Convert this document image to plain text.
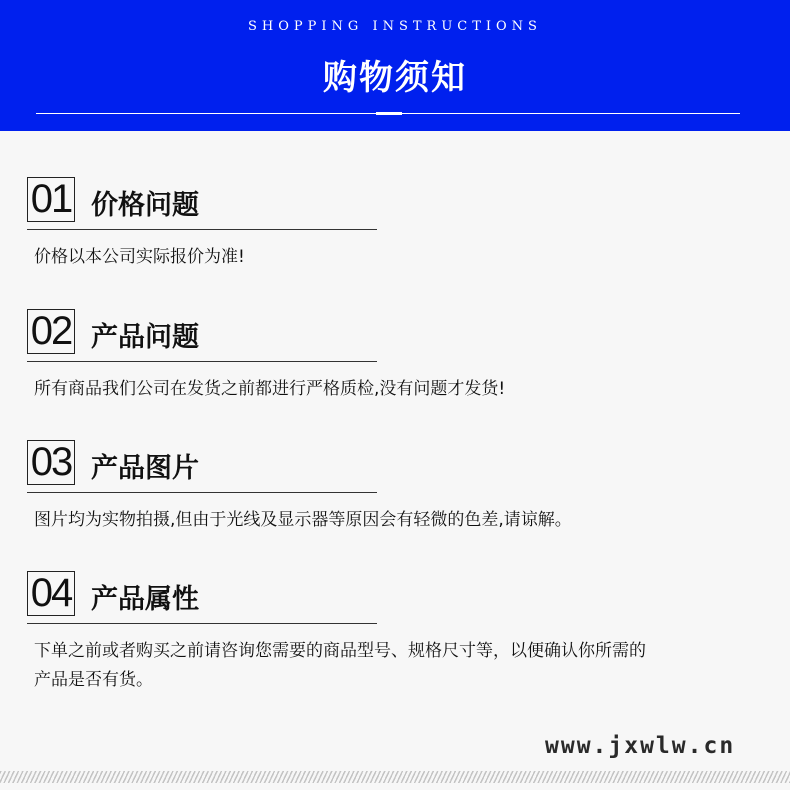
SHOPPING INSTRUCTIONS
购物须知
01 价格问题
价格以本公司实际报价为准!
02 产品问题
所有商品我们公司在发货之前都进行严格质检,没有问题才发货!
03 产品图片
图片均为实物拍摄,但由于光线及显示器等原因会有轻微的色差,请谅解。
04 产品属性
下单之前或者购买之前请咨询您需要的商品型号、规格尺寸等，以便确认你所需的
产品是否有货。
www.jxwlw.cn
